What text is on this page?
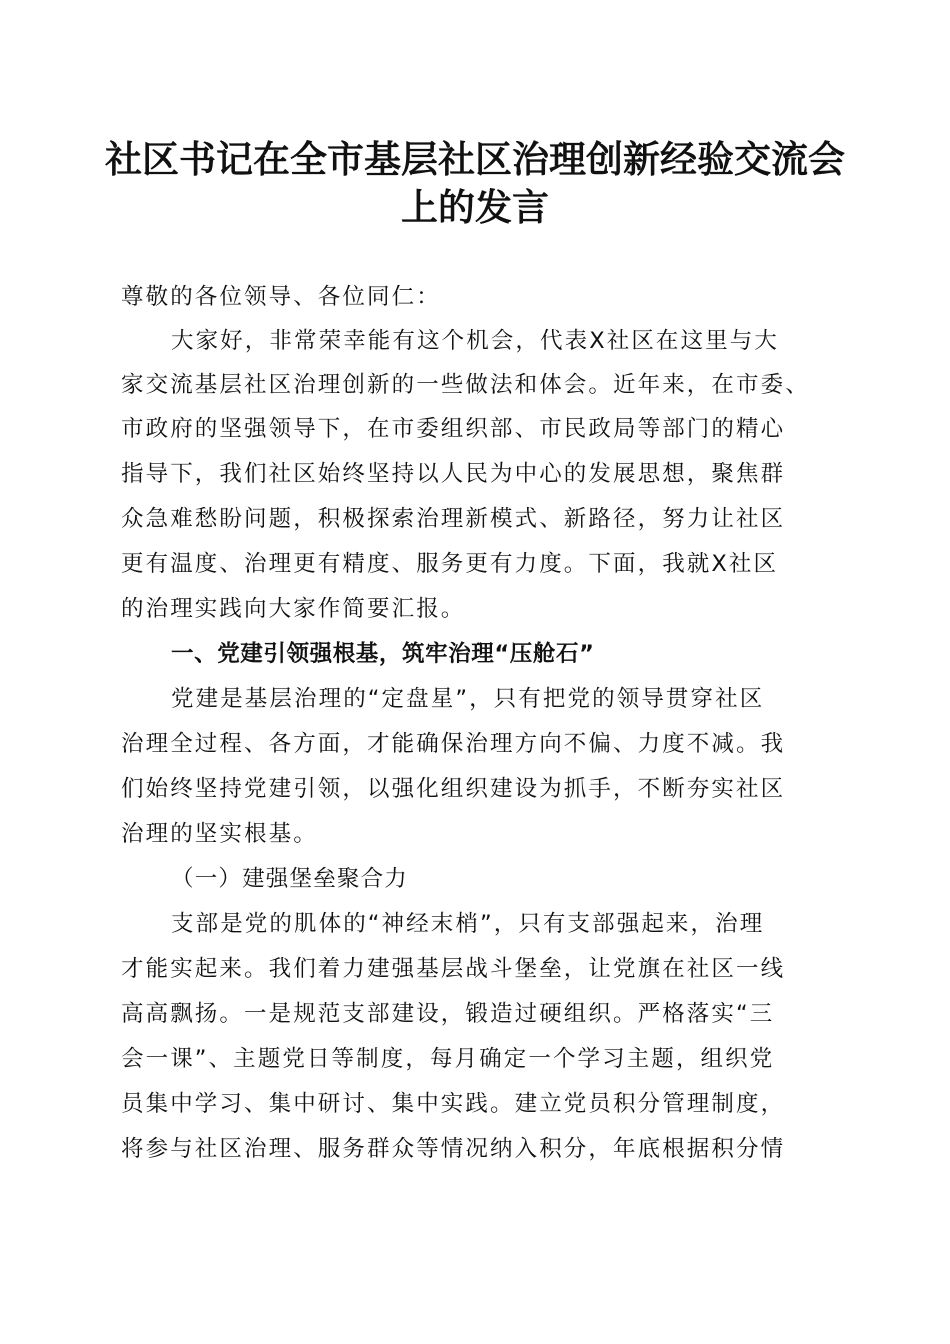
社区书记在全市基层社区治理创新经验交流会
上的发言

尊敬的各位领导、各位同仁：

大家好，非常荣幸能有这个机会，代表X社区在这里与大

家交流基层社区治理创新的一些做法和体会。近年来，在市委、

市政府的坚强领导下，在市委组织部、市民政局等部门的精心

指导下，我们社区始终坚持以人民为中心的发展思想，聚焦群

众急难愁盼问题，积极探索治理新模式、新路径，努力让社区

更有温度、治理更有精度、服务更有力度。下面，我就X社区

的治理实践向大家作简要汇报。

一、党建引领强根基，筑牢治理“压舱石”

党建是基层治理的“定盘星”，只有把党的领导贯穿社区

治理全过程、各方面，才能确保治理方向不偏、力度不减。我

们始终坚持党建引领，以强化组织建设为抓手，不断夯实社区

治理的坚实根基。

（一）建强堡垒聚合力

支部是党的肌体的“神经末梢”，只有支部强起来，治理

才能实起来。我们着力建强基层战斗堡垒，让党旗在社区一线

高高飘扬。一是规范支部建设，锻造过硬组织。严格落实“三

会一课”、主题党日等制度，每月确定一个学习主题，组织党

员集中学习、集中研讨、集中实践。建立党员积分管理制度，

将参与社区治理、服务群众等情况纳入积分，年底根据积分情
